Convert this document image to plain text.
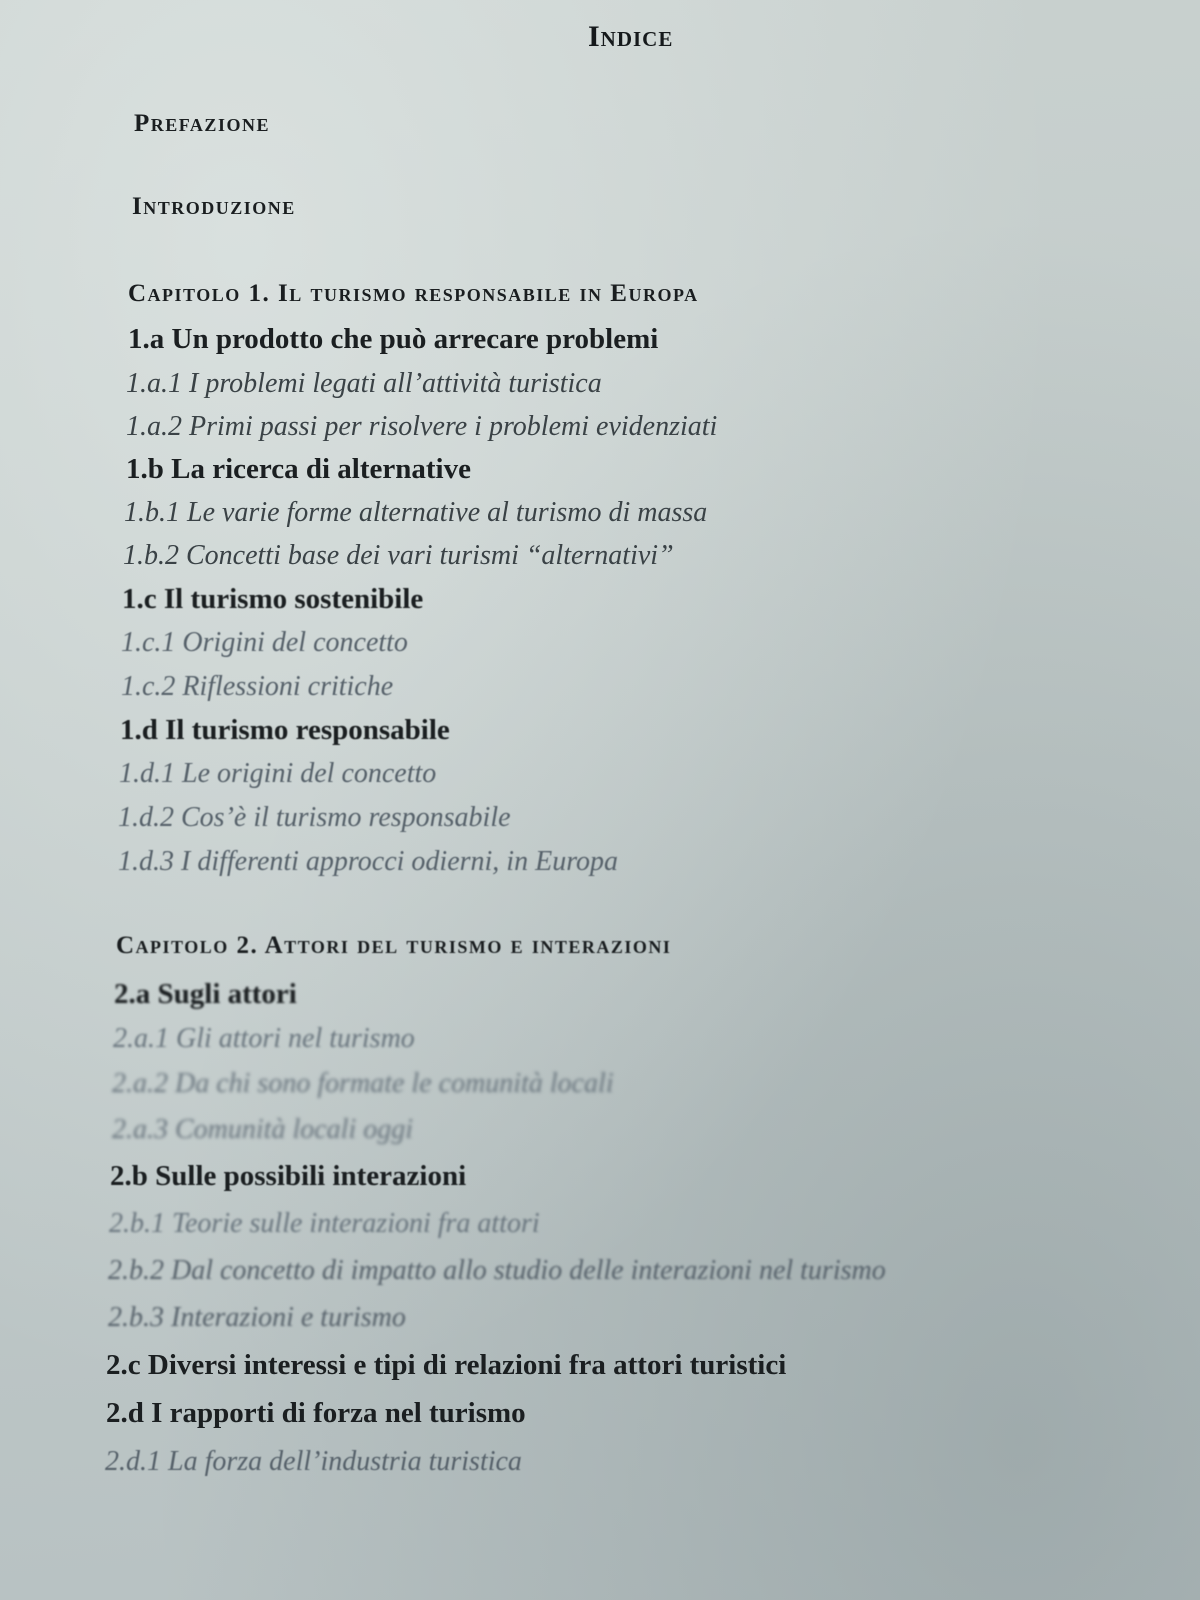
Indice
Prefazione
Introduzione
Capitolo 1. Il turismo responsabile in Europa
1.a Un prodotto che può arrecare problemi
1.a.1 I problemi legati all’attività turistica
1.a.2 Primi passi per risolvere i problemi evidenziati
1.b La ricerca di alternative
1.b.1 Le varie forme alternative al turismo di massa
1.b.2 Concetti base dei vari turismi “alternativi”
1.c Il turismo sostenibile
1.c.1 Origini del concetto
1.c.2 Riflessioni critiche
1.d Il turismo responsabile
1.d.1 Le origini del concetto
1.d.2 Cos’è il turismo responsabile
1.d.3 I differenti approcci odierni, in Europa
Capitolo 2. Attori del turismo e interazioni
2.a Sugli attori
2.a.1 Gli attori nel turismo
2.a.2 Da chi sono formate le comunità locali
2.a.3 Comunità locali oggi
2.b Sulle possibili interazioni
2.b.1 Teorie sulle interazioni fra attori
2.b.2 Dal concetto di impatto allo studio delle interazioni nel turismo
2.b.3 Interazioni e turismo
2.c Diversi interessi e tipi di relazioni fra attori turistici
2.d I rapporti di forza nel turismo
2.d.1 La forza dell’industria turistica
